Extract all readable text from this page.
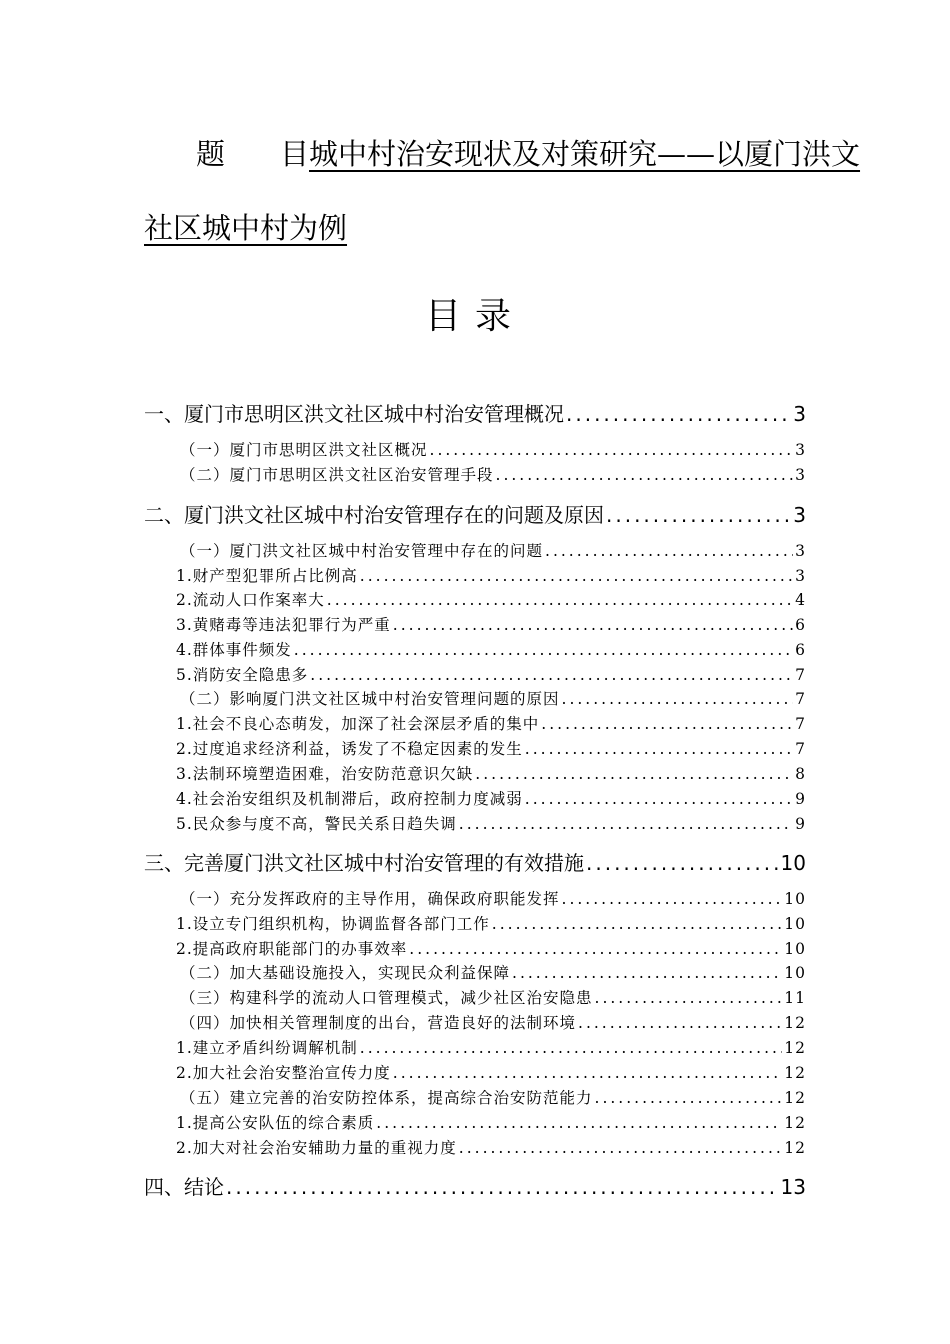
题 目城中村治安现状及对策研究——以厦门洪文
社区城中村为例
目录
一、厦门市思明区洪文社区城中村治安管理概况 .....	3
（一）厦门市思明区洪文社区概况 .....	3
（二）厦门市思明区洪文社区治安管理手段 .....	3
二、厦门洪文社区城中村治安管理存在的问题及原因 .....	3
（一）厦门洪文社区城中村治安管理中存在的问题 .....	3
1.财产型犯罪所占比例高 .....	3
2.流动人口作案率大 .....	4
3.黄赌毒等违法犯罪行为严重 .....	6
4.群体事件频发 .....	6
5.消防安全隐患多 .....	7
（二）影响厦门洪文社区城中村治安管理问题的原因 .....	7
1.社会不良心态萌发，加深了社会深层矛盾的集中 .....	7
2.过度追求经济利益，诱发了不稳定因素的发生 .....	7
3.法制环境塑造困难，治安防范意识欠缺 .....	8
4.社会治安组织及机制滞后，政府控制力度减弱 .....	9
5.民众参与度不高，警民关系日趋失调 .....	9
三、完善厦门洪文社区城中村治安管理的有效措施 .....	10
（一）充分发挥政府的主导作用，确保政府职能发挥 .....	10
1.设立专门组织机构，协调监督各部门工作 .....	10
2.提高政府职能部门的办事效率 .....	10
（二）加大基础设施投入，实现民众利益保障 .....	10
（三）构建科学的流动人口管理模式，减少社区治安隐患 .....	11
（四）加快相关管理制度的出台，营造良好的法制环境 .....	12
1.建立矛盾纠纷调解机制 .....	12
2.加大社会治安整治宣传力度 .....	12
（五）建立完善的治安防控体系，提高综合治安防范能力 .....	12
1.提高公安队伍的综合素质 .....	12
2.加大对社会治安辅助力量的重视力度 .....	12
四、结论 .....	13
